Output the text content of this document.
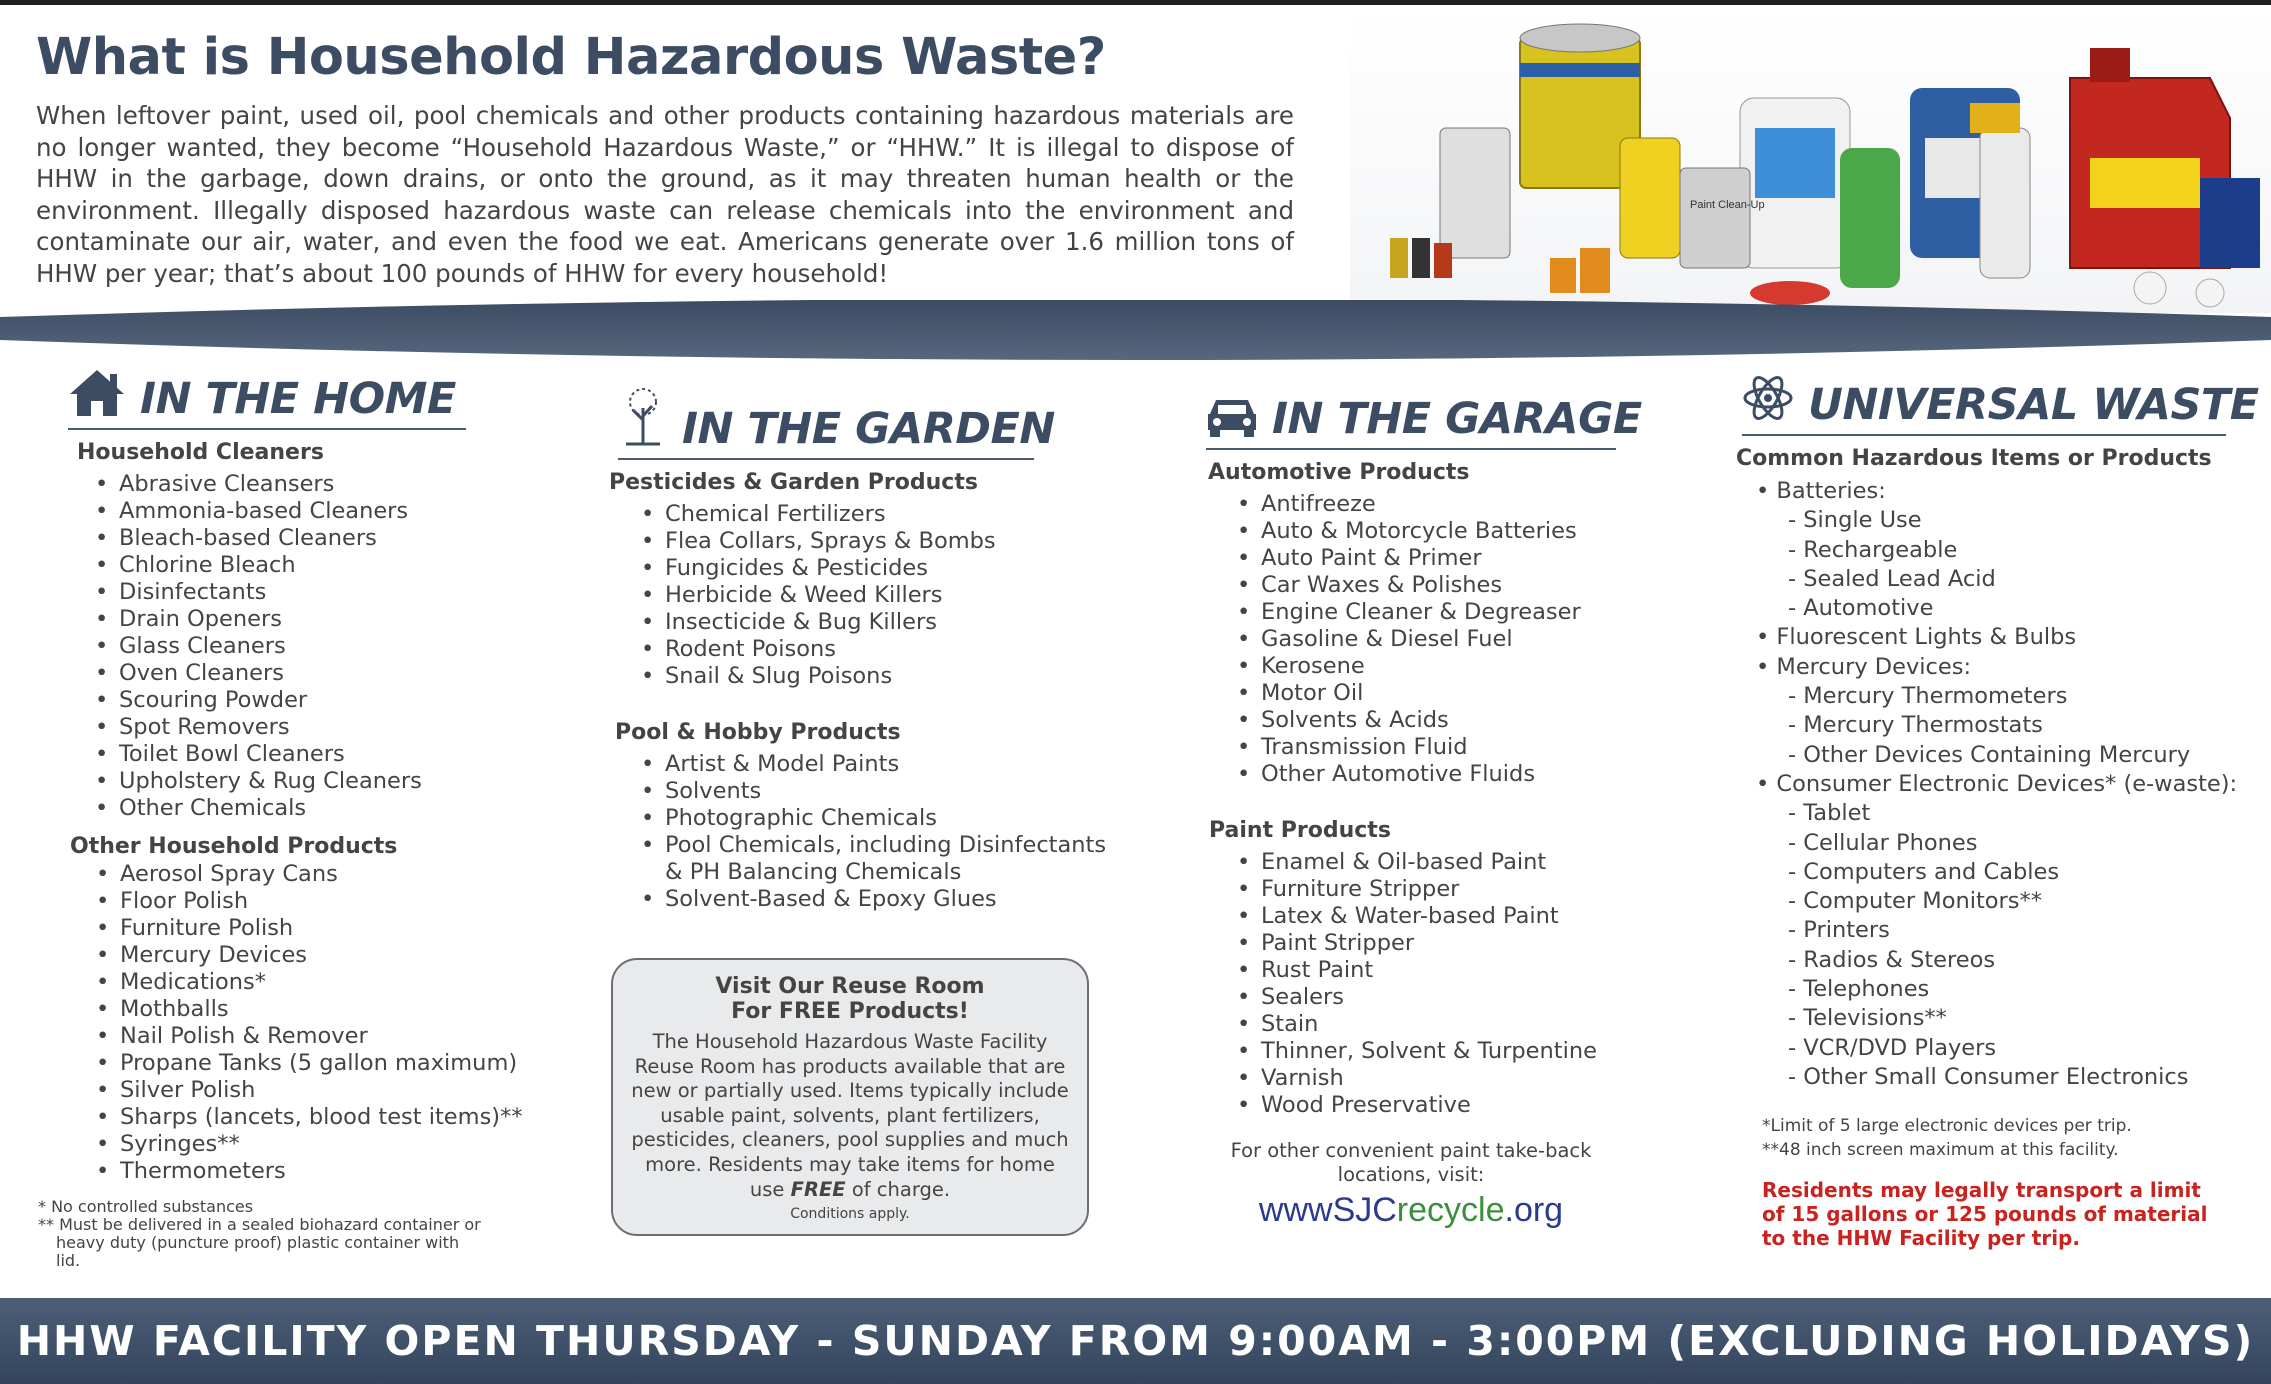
What is Household Hazardous Waste?
When leftover paint, used oil, pool chemicals and other products containing hazardous materials are no longer wanted, they become “Household Hazardous Waste,” or “HHW.” It is illegal to dispose of HHW in the garbage, down drains, or onto the ground, as it may threaten human health or the environment. Illegally disposed hazardous waste can release chemicals into the environment and contaminate our air, water, and even the food we eat. Americans generate over 1.6 million tons of HHW per year; that’s about 100 pounds of HHW for every household!
Paint Clean-Up
IN THE HOME
Household Cleaners
• Abrasive Cleansers
• Ammonia-based Cleaners
• Bleach-based Cleaners
• Chlorine Bleach
• Disinfectants
• Drain Openers
• Glass Cleaners
• Oven Cleaners
• Scouring Powder
• Spot Removers
• Toilet Bowl Cleaners
• Upholstery & Rug Cleaners
• Other Chemicals
Other Household Products
• Aerosol Spray Cans
• Floor Polish
• Furniture Polish
• Mercury Devices
• Medications*
• Mothballs
• Nail Polish & Remover
• Propane Tanks (5 gallon maximum)
• Silver Polish
• Sharps (lancets, blood test items)**
• Syringes**
• Thermometers
* No controlled substances
** Must be delivered in a sealed biohazard container or
heavy duty (puncture proof) plastic container with
lid.
IN THE GARDEN
Pesticides & Garden Products
• Chemical Fertilizers
• Flea Collars, Sprays & Bombs
• Fungicides & Pesticides
• Herbicide & Weed Killers
• Insecticide & Bug Killers
• Rodent Poisons
• Snail & Slug Poisons
Pool & Hobby Products
• Artist & Model Paints
• Solvents
• Photographic Chemicals
• Pool Chemicals, including Disinfectants
& PH Balancing Chemicals
• Solvent-Based & Epoxy Glues
Visit Our Reuse Room
For FREE Products!
The Household Hazardous Waste Facility Reuse Room has products available that are new or partially used. Items typically include usable paint, solvents, plant fertilizers, pesticides, cleaners, pool supplies and much more. Residents may take items for home use FREE of charge.
Conditions apply.
IN THE GARAGE
Automotive Products
• Antifreeze
• Auto & Motorcycle Batteries
• Auto Paint & Primer
• Car Waxes & Polishes
• Engine Cleaner & Degreaser
• Gasoline & Diesel Fuel
• Kerosene
• Motor Oil
• Solvents & Acids
• Transmission Fluid
• Other Automotive Fluids
Paint Products
• Enamel & Oil-based Paint
• Furniture Stripper
• Latex & Water-based Paint
• Paint Stripper
• Rust Paint
• Sealers
• Stain
• Thinner, Solvent & Turpentine
• Varnish
• Wood Preservative
For other convenient paint take-back
locations, visit:
wwwSJCrecycle.org
UNIVERSAL WASTE
Common Hazardous Items or Products
• Batteries:
- Single Use
- Rechargeable
- Sealed Lead Acid
- Automotive
• Fluorescent Lights & Bulbs
• Mercury Devices:
- Mercury Thermometers
- Mercury Thermostats
- Other Devices Containing Mercury
• Consumer Electronic Devices* (e-waste):
- Tablet
- Cellular Phones
- Computers and Cables
- Computer Monitors**
- Printers
- Radios & Stereos
- Telephones
- Televisions**
- VCR/DVD Players
- Other Small Consumer Electronics
*Limit of 5 large electronic devices per trip.
**48 inch screen maximum at this facility.
Residents may legally transport a limit of 15 gallons or 125 pounds of material to the HHW Facility per trip.
HHW FACILITY OPEN THURSDAY - SUNDAY FROM 9:00AM - 3:00PM (EXCLUDING HOLIDAYS)
